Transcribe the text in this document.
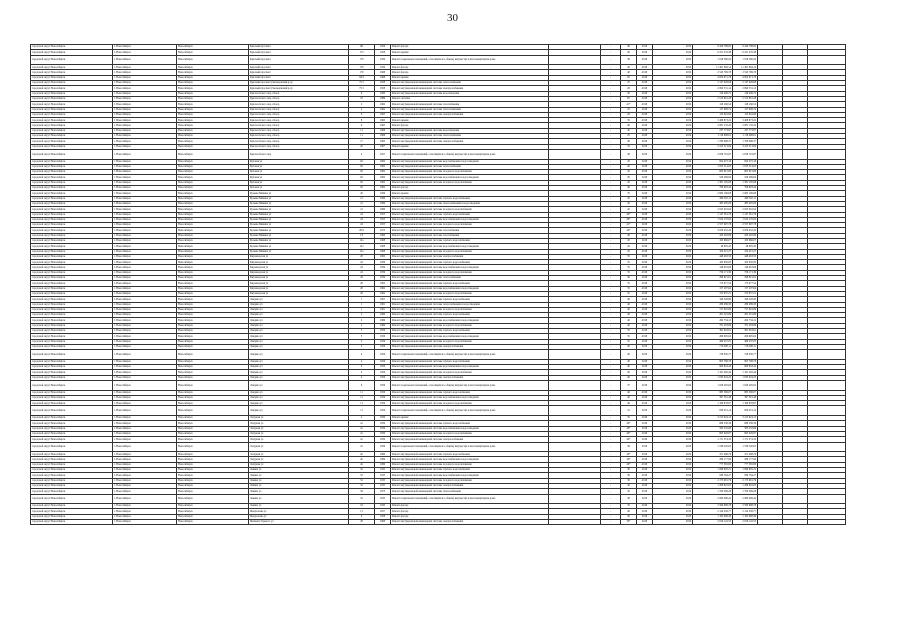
30
городской округ Новосибирск	г. Новосибирск	Новосибирск	Красный проспект	161	1956	Ремонт фасада		-	40	2018	2019	8 429 788,82	8 429 788,82			
городской округ Новосибирск	г. Новосибирск	Новосибирск	Красный проспект	173	1958	Ремонт крыши		-	40	2018	2019	6 251 276,38	6 251 276,38			
городской округ Новосибирск	г. Новосибирск	Новосибирск	Красный проспект	179	1959	Ремонт подвальных помещений, относящихся к общему имуществу в многоквартирном доме		-	38	2018	2019	1 918 560,20	1 918 560,20			
городской округ Новосибирск	г. Новосибирск	Новосибирск	Красный проспект	179	1959	Ремонт фасада		-	40	2018	2019	11 401 894,14	11 401 894,14			
городской округ Новосибирск	г. Новосибирск	Новосибирск	Красный проспект	179	1968	Ремонт фасада		-	40	2018	2019	2 545 799,78	2 545 799,78			
городской округ Новосибирск	г. Новосибирск	Новосибирск	Красный проспект	84/3	1968	Ремонт крыши		-	65	2018	2019	4 654 671,78	4 654 671,78			
городской округ Новосибирск	г. Новосибирск	Новосибирск	Красный проспект (Заельцовский р-н)	75/1	1958	Ремонт внутридомовой инженерной системы теплоснабжения		-	25	2018	2019	2 147 628,98	2 147 628,98			
городской округ Новосибирск	г. Новосибирск	Новосибирск	Красный проспект (Заельцовский р-н)	75/1	1958	Ремонт внутридомовой инженерной системы электроснабжения		-	28	2018	2019	2 690 531,14	2 690 531,14			
городской округ Новосибирск	г. Новосибирск	Новосибирск	Краснообского пер, 24 кор	6	1983	Ремонт внутридомовой инженерной системы водоотведения		-	30	2018	2019	126 406,72	126 406,72			
городской округ Новосибирск	г. Новосибирск	Новосибирск	Краснообского пер, 24 кор	18	1989	Ремонт системы		-	65	2018	2019	2 512 961,28	2 512 961,28			
городской округ Новосибирск	г. Новосибирск	Новосибирск	Краснообского пер, 24 кор	2	1962	Ремонт внутридомовой инженерной системы газоснабжения		-	41*	2018	2019	126 166,54	126 166,54			
городской округ Новосибирск	г. Новосибирск	Новосибирск	Краснообского пер, 24 кор	2	1962	Ремонт внутридомовой инженерной системы теплоснабжения		-	25	2018	2019	127 608,74	127 608,74			
городской округ Новосибирск	г. Новосибирск	Новосибирск	Краснообского пер, 24 кор	9	1965	Ремонт внутридомовой инженерной системы электроснабжения		-	26	2018	2019	123 616,90	123 616,90			
городской округ Новосибирск	г. Новосибирск	Новосибирск	Краснообского пер, 24 кор	8	1965	Ремонт крыши		-	35	2018	2019	3 408 873,22	3 408 873,22			
городской округ Новосибирск	г. Новосибирск	Новосибирск	Краснообского пер, 24 кор	9	1965	Ремонт фасада		-	40	2018	2019	2 081 132,42	2 081 132,42			
городской округ Новосибирск	г. Новосибирск	Новосибирск	Краснообского пер, 24 кор	11	1966	Ремонт внутридомовой инженерной системы водоотведения		-	40	2018	2019	237 773,87	237 773,87			
городской округ Новосибирск	г. Новосибирск	Новосибирск	Краснообского пер, 24 кор	11	1966	Ремонт внутридомовой инженерной системы теплоснабжения		-	25	2018	2019	1 118 098,61	1 118 098,61			
городской округ Новосибирск	г. Новосибирск	Новосибирск	Краснообского пер, 24 кор	17	1962	Ремонт внутридомовой инженерной системы электроснабжения		-	36	2018	2019	1 790 098,37	1 790 098,37			
городской округ Новосибирск	г. Новосибирск	Новосибирск	Краснообского пер, 24 кор	20	1967	Ремонт крыши		-	35	2018	2019	3 413 513,09	3 413 513,09			
городской округ Новосибирск	г. Новосибирск	Новосибирск	Краснообского пер	2	1957	Ремонт подвальных помещений, относящихся к общему имуществу в многоквартирном доме		-	38	2018	2019	2 659 791,87	2 659 791,87			
городской округ Новосибирск	г. Новосибирск	Новосибирск	Кубовая ул	92	1962	Ремонт внутридомовой инженерной системы водоснабжения и водоотведения		-	45	2018	2019	822 475,16	822 475,16			
городской округ Новосибирск	г. Новосибирск	Новосибирск	Кубовая ул	92	1962	Ремонт внутридомовой инженерной системы теплоснабжения		-	40	2018	2019	1 055 314,03	1 055 314,03			
городской округ Новосибирск	г. Новосибирск	Новосибирск	Кубовая ул	92	1962	Ремонт внутридомовой инженерной системы холодного водоснабжения		-	45	2018	2019	603 615,80	603 615,80			
городской округ Новосибирск	г. Новосибирск	Новосибирск	Кубовая ул	92	1962	Ремонт внутридомовой инженерной системы водоснабжения и водоотведения		-	30	2018	2019	526 269,84	526 269,84			
городской округ Новосибирск	г. Новосибирск	Новосибирск	Кубовая ул	92	1962	Ремонт внутридомовой инженерной системы холодного водоснабжения		-	45	2018	2019	1 381 195,08	1 381 195,08			
городской округ Новосибирск	г. Новосибирск	Новосибирск	Кубовая ул	92	1962	Ремонт фасада		-	40	2018	2019	796 993,44	796 993,44			
городской округ Новосибирск	г. Новосибирск	Новосибирск	Кузьмы Минина ул	20	1959	Ремонт крыши		-	35	2018	2019	2 682 196,68	2 682 196,68			
городской округ Новосибирск	г. Новосибирск	Новосибирск	Кузьмы Минина ул	21	1969	Ремонт внутридомовой инженерной системы горячего водоснабжения		-	45	2018	2019	499 316,11	499 316,11			
городской округ Новосибирск	г. Новосибирск	Новосибирск	Кузьмы Минина ул	21	1969	Ремонт внутридомовой инженерной системы теплоснабжения и водоотведения		-	45	2018	2019	485 495,06	485 495,06			
городской округ Новосибирск	г. Новосибирск	Новосибирск	Кузьмы Минина ул	21	1969	Ремонт внутридомовой инженерной системы холодного водоснабжения		-	45	2018	2019	2 023 016,94	2 023 016,94			
городской округ Новосибирск	г. Новосибирск	Новосибирск	Кузьмы Минина ул	24	1955	Ремонт внутридомовой инженерной системы горячего водоснабжения		-	40*	2018	2019	1 147 561,76	1 147 561,76			
городской округ Новосибирск	г. Новосибирск	Новосибирск	Кузьмы Минина ул	24	1955	Ремонт внутридомовой инженерной системы водоснабжения и водоотведения		-	40*	2018	2019	1 914 170,92	1 914 170,92			
городской округ Новосибирск	г. Новосибирск	Новосибирск	Кузьмы Минина ул	24	1955	Ремонт внутридомовой инженерной системы холодного водоснабжения		-	41*	2018	2019	2 557 697,78	2 557 697,78			
городской округ Новосибирск	г. Новосибирск	Новосибирск	Кузьмы Минина ул	26/2	1973	Ремонт внутридомовой инженерной системы газоснабжения		-	40*	2018	2019	3 050 452,42	3 050 452,42			
городской округ Новосибирск	г. Новосибирск	Новосибирск	Кузьмы Минина ул	1/3	1960	Ремонт внутридомовой инженерной системы газоснабжения		-	40	2018	2019	423 292,99	423 292,99			
городской округ Новосибирск	г. Новосибирск	Новосибирск	Кузьмы Минина ул	12а	1968	Ремонт внутридомовой инженерной системы горячего водоснабжения		-	45	2018	2019	163 666,07	163 666,07			
городской округ Новосибирск	г. Новосибирск	Новосибирск	Кузьмы Минина ул	12а	1968	Ремонт внутридомовой инженерной системы водоснабжения и водоотведения		-	45	2018	2019	48 805,43	48 805,43			
городской округ Новосибирск	г. Новосибирск	Новосибирск	Кузьмы Минина ул	12а	1968	Ремонт внутридомовой инженерной системы холодного водоснабжения		-	45	2018	2019	104 415,27	104 415,27			
городской округ Новосибирск	г. Новосибирск	Новосибирск	Кирзаводская ул	20	1962	Ремонт внутридомовой инженерной системы электроснабжения		-	35	2018	2019	448 463,50	448 463,50			
городской округ Новосибирск	г. Новосибирск	Новосибирск	Кирзаводская ул	24	1959	Ремонт внутридомовой инженерной системы горячего водоснабжения		-	35	2018	2019	163 650,85	163 650,85			
городской округ Новосибирск	г. Новосибирск	Новосибирск	Кирзаводская ул	24	1959	Ремонт внутридомовой инженерной системы водоснабжения и водоотведения		-	35	2018	2019	149 918,66	149 918,66			
городской округ Новосибирск	г. Новосибирск	Новосибирск	Кирзаводская ул	24	1959	Ремонт внутридомовой инженерной системы холодного водоснабжения		-	35	2018	2019	756 171,39	756 171,39			
городской округ Новосибирск	г. Новосибирск	Новосибирск	Кирзаводская ул	26	1959	Ремонт внутридомовой инженерной системы теплоснабжения		-	30	2018	2019	296 615,61	296 615,61			
городской округ Новосибирск	г. Новосибирск	Новосибирск	Кирзаводская ул	26	1962	Ремонт внутридомовой инженерной системы горячего водоснабжения		-	35	2018	2019	173 977,54	173 977,54			
городской округ Новосибирск	г. Новосибирск	Новосибирск	Кирзаводская ул	26	1962	Ремонт внутридомовой инженерной системы водоснабжения и водоотведения		-	35	2018	2019	157 207,64	157 207,64			
городской округ Новосибирск	г. Новосибирск	Новосибирск	Кирзаводская ул	26	1962	Ремонт внутридомовой инженерной системы холодного водоснабжения		-	35	2018	2019	315 957,21	315 957,21			
городской округ Новосибирск	г. Новосибирск	Новосибирск	Ландяна ул	1	1961	Ремонт внутридомовой инженерной системы горячего водоснабжения		-	40	2018	2019	349 328,80	349 328,80			
городской округ Новосибирск	г. Новосибирск	Новосибирск	Ландяна ул	1	1961	Ремонт внутридомовой инженерной системы теплоснабжения и водоотведения		-	40	2018	2019	289 289,30	289 289,30			
городской округ Новосибирск	г. Новосибирск	Новосибирск	Ландяна ул	1	1961	Ремонт внутридомовой инженерной системы холодного водоснабжения		-	40	2018	2019	727 616,69	727 616,69			
городской округ Новосибирск	г. Новосибирск	Новосибирск	Ландяна ул	2	1969	Ремонт внутридомовой инженерной системы горячего водоснабжения		-	40	2018	2019	261 201,89	261 201,89			
городской округ Новосибирск	г. Новосибирск	Новосибирск	Ландяна ул	2	1969	Ремонт внутридомовой инженерной системы водоснабжения и водоотведения		-	40	2018	2019	262 734,12	262 734,12			
городской округ Новосибирск	г. Новосибирск	Новосибирск	Ландяна ул	2	1969	Ремонт внутридомовой инженерной системы холодного водоснабжения		-	40	2018	2019	701 203,66	701 203,66			
городской округ Новосибирск	г. Новосибирск	Новосибирск	Ландяна ул	3	1956	Ремонт внутридомовой инженерной системы горячего водоснабжения		-	35	2018	2019	391 618,91	391 618,91			
городской округ Новосибирск	г. Новосибирск	Новосибирск	Ландяна ул	3	1956	Ремонт внутридомовой инженерной системы водоснабжения и водоотведения		-	35	2018	2019	266 995,04	266 995,04			
городской округ Новосибирск	г. Новосибирск	Новосибирск	Ландяна ул	3	1956	Ремонт внутридомовой инженерной системы холодного водоснабжения		-	35	2018	2019	469 437,05	469 437,05			
городской округ Новосибирск	г. Новосибирск	Новосибирск	Ландяна ул	3	1956	Ремонт внутридомовой инженерной системы электроснабжения		-	40	2018	2019	718 408,11	718 408,11			
городской округ Новосибирск	г. Новосибирск	Новосибирск	Ландяна ул	4	1956	Ремонт подвальных помещений, относящихся к общему имуществу в многоквартирном доме		-	40	2018	2019	758 050,77	758 050,77			
городской округ Новосибирск	г. Новосибирск	Новосибирск	Ландяна ул	4	1956	Ремонт внутридомовой инженерной системы горячего водоснабжения		-	40	2018	2019	905 768,76	905 768,76			
городской округ Новосибирск	г. Новосибирск	Новосибирск	Ландяна ул	4	1956	Ремонт внутридомовой инженерной системы водоснабжения и водоотведения		-	40	2018	2019	900 843,44	900 843,44			
городской округ Новосибирск	г. Новосибирск	Новосибирск	Ландяна ул	4	1956	Ремонт внутридомовой инженерной системы холодного водоснабжения		-	40	2018	2019	1 161 292,44	1 161 292,44			
городской округ Новосибирск	г. Новосибирск	Новосибирск	Ландяна ул	4	1956	Ремонт внутридомовой инженерной системы электроснабжения		-	40	2018	2019	1 033 024,23	1 033 024,23			
городской округ Новосибирск	г. Новосибирск	Новосибирск	Ландяна ул	6	1956	Ремонт подвальных помещений, относящихся к общему имуществу в многоквартирном доме		-	37	2018	2019	1 026 295,62	1 026 295,62			
городской округ Новосибирск	г. Новосибирск	Новосибирск	Ландяна ул	11	1956	Ремонт внутридомовой инженерной системы горячего водоснабжения		-	40	2018	2019	885 596,07	885 596,07			
городской округ Новосибирск	г. Новосибирск	Новосибирск	Ландяна ул	11	1956	Ремонт внутридомовой инженерной системы водоснабжения и водоотведения		-	40	2018	2019	397 361,48	397 361,48			
городской округ Новосибирск	г. Новосибирск	Новосибирск	Ландяна ул	11	1956	Ремонт внутридомовой инженерной системы холодного водоснабжения		-	40	2018	2019	1 169 878,87	1 169 878,87			
городской округ Новосибирск	г. Новосибирск	Новосибирск	Ландяна ул	11	1956	Ремонт подвальных помещений, относящихся к общему имуществу в многоквартирном доме		-	41	2018	2019	659 451,14	659 451,14			
городской округ Новосибирск	г. Новосибирск	Новосибирск	Лазурная ул	2	1959	Ремонт крыши		-	35	2018	2019	3 215 924,13	3 215 924,13			
городской округ Новосибирск	г. Новосибирск	Новосибирск	Лазурная ул	2а	1959	Ремонт внутридомовой инженерной системы горячего водоснабжения		-	40*	2018	2019	688 338,36	688 338,36			
городской округ Новосибирск	г. Новосибирск	Новосибирск	Лазурная ул	2а	1959	Ремонт внутридомовой инженерной системы водоснабжения и водоотведения		-	40*	2018	2019	585 252,86	585 252,86			
городской округ Новосибирск	г. Новосибирск	Новосибирск	Лазурная ул	2а	1959	Ремонт внутридомовой инженерной системы холодного водоснабжения		-	40*	2018	2019	695 026,87	695 026,87			
городской округ Новосибирск	г. Новосибирск	Новосибирск	Лазурная ул	2а	1959	Ремонт внутридомовой инженерной системы электроснабжения		-	40*	2018	2019	1 171 374,32	1 171 374,32			
городской округ Новосибирск	г. Новосибирск	Новосибирск	Лазурная ул	2а	1959	Ремонт подвальных помещений, относящихся к общему имуществу в многоквартирном доме		-	38	2018	2019	1 538 520,65	1 538 520,65			
городской округ Новосибирск	г. Новосибирск	Новосибирск	Лазурная ул	2в	1969	Ремонт внутридомовой инженерной системы горячего водоснабжения		-	40*	2018	2019	471 468,76	471 468,76			
городской округ Новосибирск	г. Новосибирск	Новосибирск	Лазурная ул	2в	1969	Ремонт внутридомовой инженерной системы водоснабжения и водоотведения		-	40*	2018	2019	289 177,84	289 177,84			
городской округ Новосибирск	г. Новосибирск	Новосибирск	Лазурная ул	2в	1969	Ремонт внутридомовой инженерной системы холодного водоснабжения		-	40*	2018	2019	777 365,80	777 365,80			
городской округ Новосибирск	г. Новосибирск	Новосибирск	Ленина ул	52	1935	Ремонт внутридомовой инженерной системы горячего водоснабжения		-	30	2018	2019	1 069 905,21	1 069 905,21			
городской округ Новосибирск	г. Новосибирск	Новосибирск	Ленина ул	52	1935	Ремонт внутридомовой инженерной системы водоснабжения и водоотведения		-	30	2018	2019	839 764,27	839 764,27			
городской округ Новосибирск	г. Новосибирск	Новосибирск	Ленина ул	52	1935	Ремонт внутридомовой инженерной системы холодного водоснабжения		-	30	2018	2019	2 173 991,79	2 173 991,79			
городской округ Новосибирск	г. Новосибирск	Новосибирск	Ленина ул	52	1935	Ремонт внутридомовой инженерной системы электроснабжения		-	30	2018	2019	1 289 822,03	1 289 822,03			
городской округ Новосибирск	г. Новосибирск	Новосибирск	Ленина ул	59	1973	Ремонт внутридомовой инженерной системы теплоснабжения		-	45	2018	2019	1 700 299,28	1 700 299,28			
городской округ Новосибирск	г. Новосибирск	Новосибирск	Ленина ул	52	1935	Ремонт подвальных помещений, относящихся к общему имуществу в многоквартирном доме		-	38	2018	2019	2 060 499,42	2 060 499,42			
городской округ Новосибирск	г. Новосибирск	Новосибирск	Ленина ул	52	1935	Ремонт фасада		-	35	2018	2019	2 569 698,78	2 569 698,78			
городской округ Новосибирск	г. Новосибирск	Новосибирск	Менделеева ул	11	1957	Ремонт фасада		-	40	2018	2019	2 124 256,77	2 124 256,77			
городской округ Новосибирск	г. Новосибирск	Новосибирск	Менделеева ул	4	1958	Ремонт фасада		-	40	2018	2019	1 182 968,39	1 182 968,39			
городской округ Новосибирск	г. Новосибирск	Новосибирск	Михаила Горького ул	28	1968	Ремонт внутридомовой инженерной системы электроснабжения		-	30*	2018	2019	2 819 142,53	2 819 142,53			
